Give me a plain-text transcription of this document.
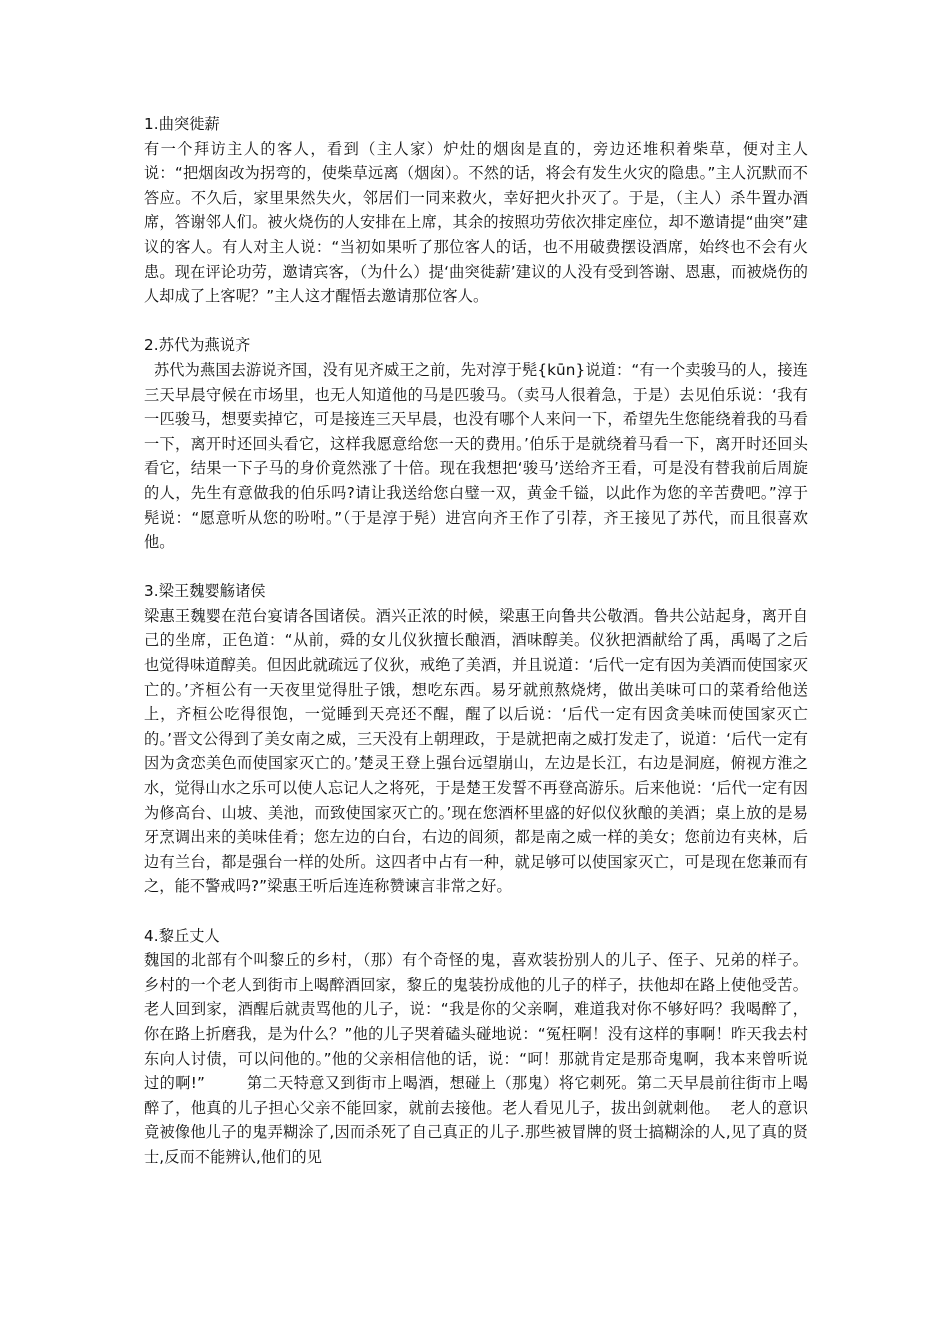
1.曲突徙薪

有一个拜访主人的客人，看到（主人家）炉灶的烟囱是直的，旁边还堆积着柴草，便对主人说：“把烟囱改为拐弯的，使柴草远离（烟囱）。不然的话，将会有发生火灾的隐患。”主人沉默而不答应。不久后，家里果然失火，邻居们一同来救火，幸好把火扑灭了。于是，（主人）杀牛置办酒席，答谢邻人们。被火烧伤的人安排在上席，其余的按照功劳依次排定座位，却不邀请提“曲突”建议的客人。有人对主人说：“当初如果听了那位客人的话，也不用破费摆设酒席，始终也不会有火患。现在评论功劳，邀请宾客，（为什么）提‘曲突徙薪’建议的人没有受到答谢、恩惠，而被烧伤的人却成了上客呢？”主人这才醒悟去邀请那位客人。

2.苏代为燕说齐

苏代为燕国去游说齐国，没有见齐威王之前，先对淳于髡{kūn}说道：“有一个卖骏马的人，接连三天早晨守候在市场里，也无人知道他的马是匹骏马。（卖马人很着急，于是）去见伯乐说：‘我有一匹骏马，想要卖掉它，可是接连三天早晨，也没有哪个人来问一下，希望先生您能绕着我的马看一下，离开时还回头看它，这样我愿意给您一天的费用。’伯乐于是就绕着马看一下，离开时还回头看它，结果一下子马的身价竟然涨了十倍。现在我想把‘骏马’送给齐王看，可是没有替我前后周旋的人，先生有意做我的伯乐吗?请让我送给您白璧一双，黄金千镒，以此作为您的辛苦费吧。”淳于髡说：“愿意听从您的吩咐。”（于是淳于髡）进宫向齐王作了引荐，齐王接见了苏代，而且很喜欢他。

3.梁王魏婴觞诸侯

梁惠王魏婴在范台宴请各国诸侯。酒兴正浓的时候，梁惠王向鲁共公敬酒。鲁共公站起身，离开自己的坐席，正色道：“从前，舜的女儿仪狄擅长酿酒，酒味醇美。仪狄把酒献给了禹，禹喝了之后也觉得味道醇美。但因此就疏远了仪狄，戒绝了美酒，并且说道：‘后代一定有因为美酒而使国家灭亡的。’齐桓公有一天夜里觉得肚子饿，想吃东西。易牙就煎熬烧烤，做出美味可口的菜肴给他送上，齐桓公吃得很饱，一觉睡到天亮还不醒，醒了以后说：‘后代一定有因贪美味而使国家灭亡的。’晋文公得到了美女南之威，三天没有上朝理政，于是就把南之威打发走了，说道：‘后代一定有因为贪恋美色而使国家灭亡的。’楚灵王登上强台远望崩山，左边是长江，右边是洞庭，俯视方淮之水，觉得山水之乐可以使人忘记人之将死，于是楚王发誓不再登高游乐。后来他说：‘后代一定有因为修高台、山坡、美池，而致使国家灭亡的。’现在您酒杯里盛的好似仪狄酿的美酒；桌上放的是易牙烹调出来的美味佳肴；您左边的白台，右边的闾须，都是南之威一样的美女；您前边有夹林，后边有兰台，都是强台一样的处所。这四者中占有一种，就足够可以使国家灭亡，可是现在您兼而有之，能不警戒吗?”梁惠王听后连连称赞谏言非常之好。

4.黎丘丈人

魏国的北部有个叫黎丘的乡村，（那）有个奇怪的鬼，喜欢装扮别人的儿子、侄子、兄弟的样子。乡村的一个老人到街市上喝醉酒回家，黎丘的鬼装扮成他的儿子的样子，扶他却在路上使他受苦。        老人回到家，酒醒后就责骂他的儿子，说：“我是你的父亲啊，难道我对你不够好吗？我喝醉了，你在路上折磨我，是为什么？”他的儿子哭着磕头碰地说：“冤枉啊！没有这样的事啊！昨天我去村东向人讨债，可以问他的。”他的父亲相信他的话，说：“呵！那就肯定是那奇鬼啊，我本来曾听说过的啊!”        第二天特意又到街市上喝酒，想碰上（那鬼）将它刺死。第二天早晨前往街市上喝醉了，他真的儿子担心父亲不能回家，就前去接他。老人看见儿子，拔出剑就刺他。  老人的意识竟被像他儿子的鬼弄糊涂了,因而杀死了自己真正的儿子.那些被冒牌的贤士搞糊涂的人,见了真的贤士,反而不能辨认,他们的见
